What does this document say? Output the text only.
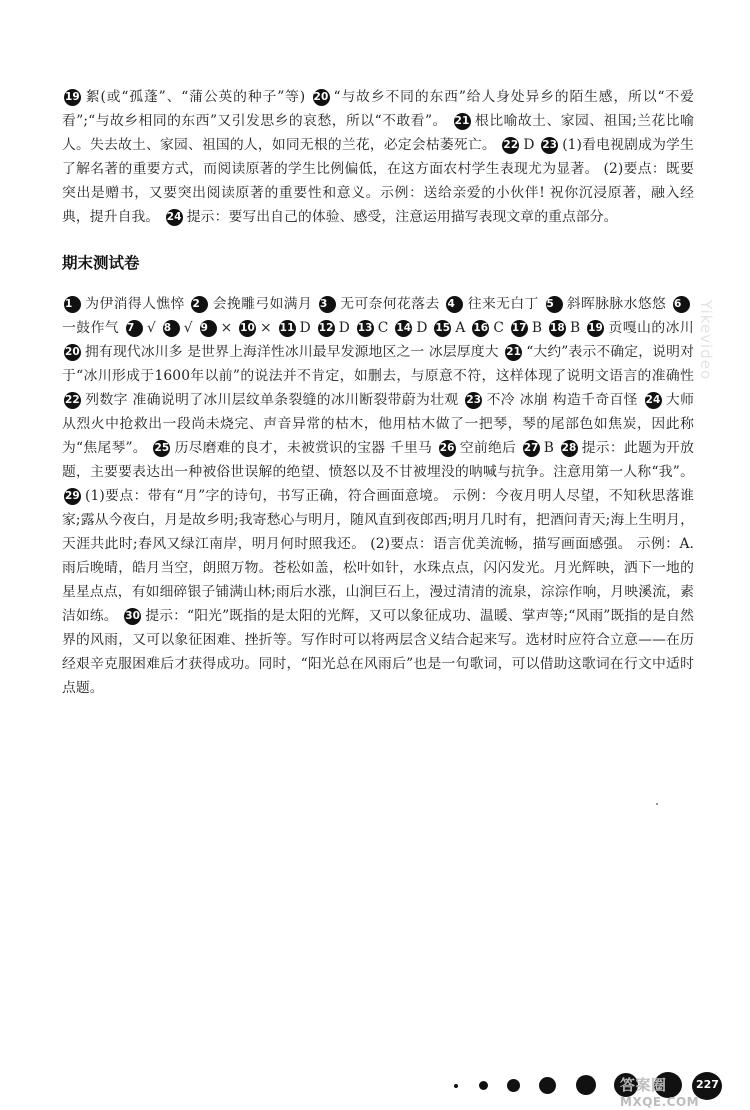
19 絮(或“孤蓬”、“蒲公英的种子”等) 20 “与故乡不同的东西”给人身处异乡的陌生感，所以“不爱看”;“与故乡相同的东西”又引发思乡的哀愁，所以“不敢看”。 21 根比喻故土、家园、祖国;兰花比喻人。失去故土、家园、祖国的人，如同无根的兰花，必定会枯萎死亡。 22 D 23 (1)看电视剧成为学生了解名著的重要方式，而阅读原著的学生比例偏低，在这方面农村学生表现尤为显著。 (2)要点：既要突出是赠书，又要突出阅读原著的重要性和意义。示例：送给亲爱的小伙伴! 祝你沉浸原著，融入经典，提升自我。 24 提示：要写出自己的体验、感受，注意运用描写表现文章的重点部分。
期末测试卷
1 为伊消得人憔悴 2 会挽雕弓如满月 3 无可奈何花落去 4 往来无白丁 5 斜晖脉脉水悠悠 6一鼓作气 7 √ 8 √ 9 × 10 × 11 D 12 D 13 C 14 D 15 A 16 C 17 B 18 B 19 贡嘎山的冰川 20 拥有现代冰川多 是世界上海洋性冰川最早发源地区之一 冰层厚度大 21 “大约”表示不确定，说明对于“冰川形成于1600年以前”的说法并不肯定，如删去，与原意不符，这样体现了说明文语言的准确性 22 列数字 准确说明了冰川层纹单条裂缝的冰川断裂带蔚为壮观 23 不冷 冰崩 构造千奇百怪 24 大师从烈火中抢救出一段尚未烧完、声音异常的枯木，他用枯木做了一把琴，琴的尾部色如焦炭，因此称为“焦尾琴”。 25 历尽磨难的良才，未被赏识的宝器 千里马 26 空前绝后 27 B 28 提示：此题为开放题，主要要表达出一种被俗世误解的绝望、愤怒以及不甘被埋没的呐喊与抗争。注意用第一人称“我”。 29 (1)要点：带有“月”字的诗句，书写正确，符合画面意境。 示例：今夜月明人尽望，不知秋思落谁家;露从今夜白，月是故乡明;我寄愁心与明月，随风直到夜郎西;明月几时有，把酒问青天;海上生明月，天涯共此时;春风又绿江南岸，明月何时照我还。 (2)要点：语言优美流畅，描写画面感强。 示例：A. 雨后晚晴，皓月当空，朗照万物。苍松如盖，松叶如针，水珠点点，闪闪发光。月光辉映，洒下一地的星星点点，有如细碎银子铺满山林;雨后水涨，山涧巨石上，漫过清清的流泉，淙淙作响，月映溪流，素洁如练。 30 提示：“阳光”既指的是太阳的光辉，又可以象征成功、温暖、掌声等;“风雨”既指的是自然界的风雨，又可以象征困难、挫折等。写作时可以将两层含义结合起来写。选材时应符合立意——在历经艰辛克服困难后才获得成功。同时，“阳光总在风雨后”也是一句歌词，可以借助这歌词在行文中适时点题。
Yikevideo
答案圈
MXQE.COM
227
